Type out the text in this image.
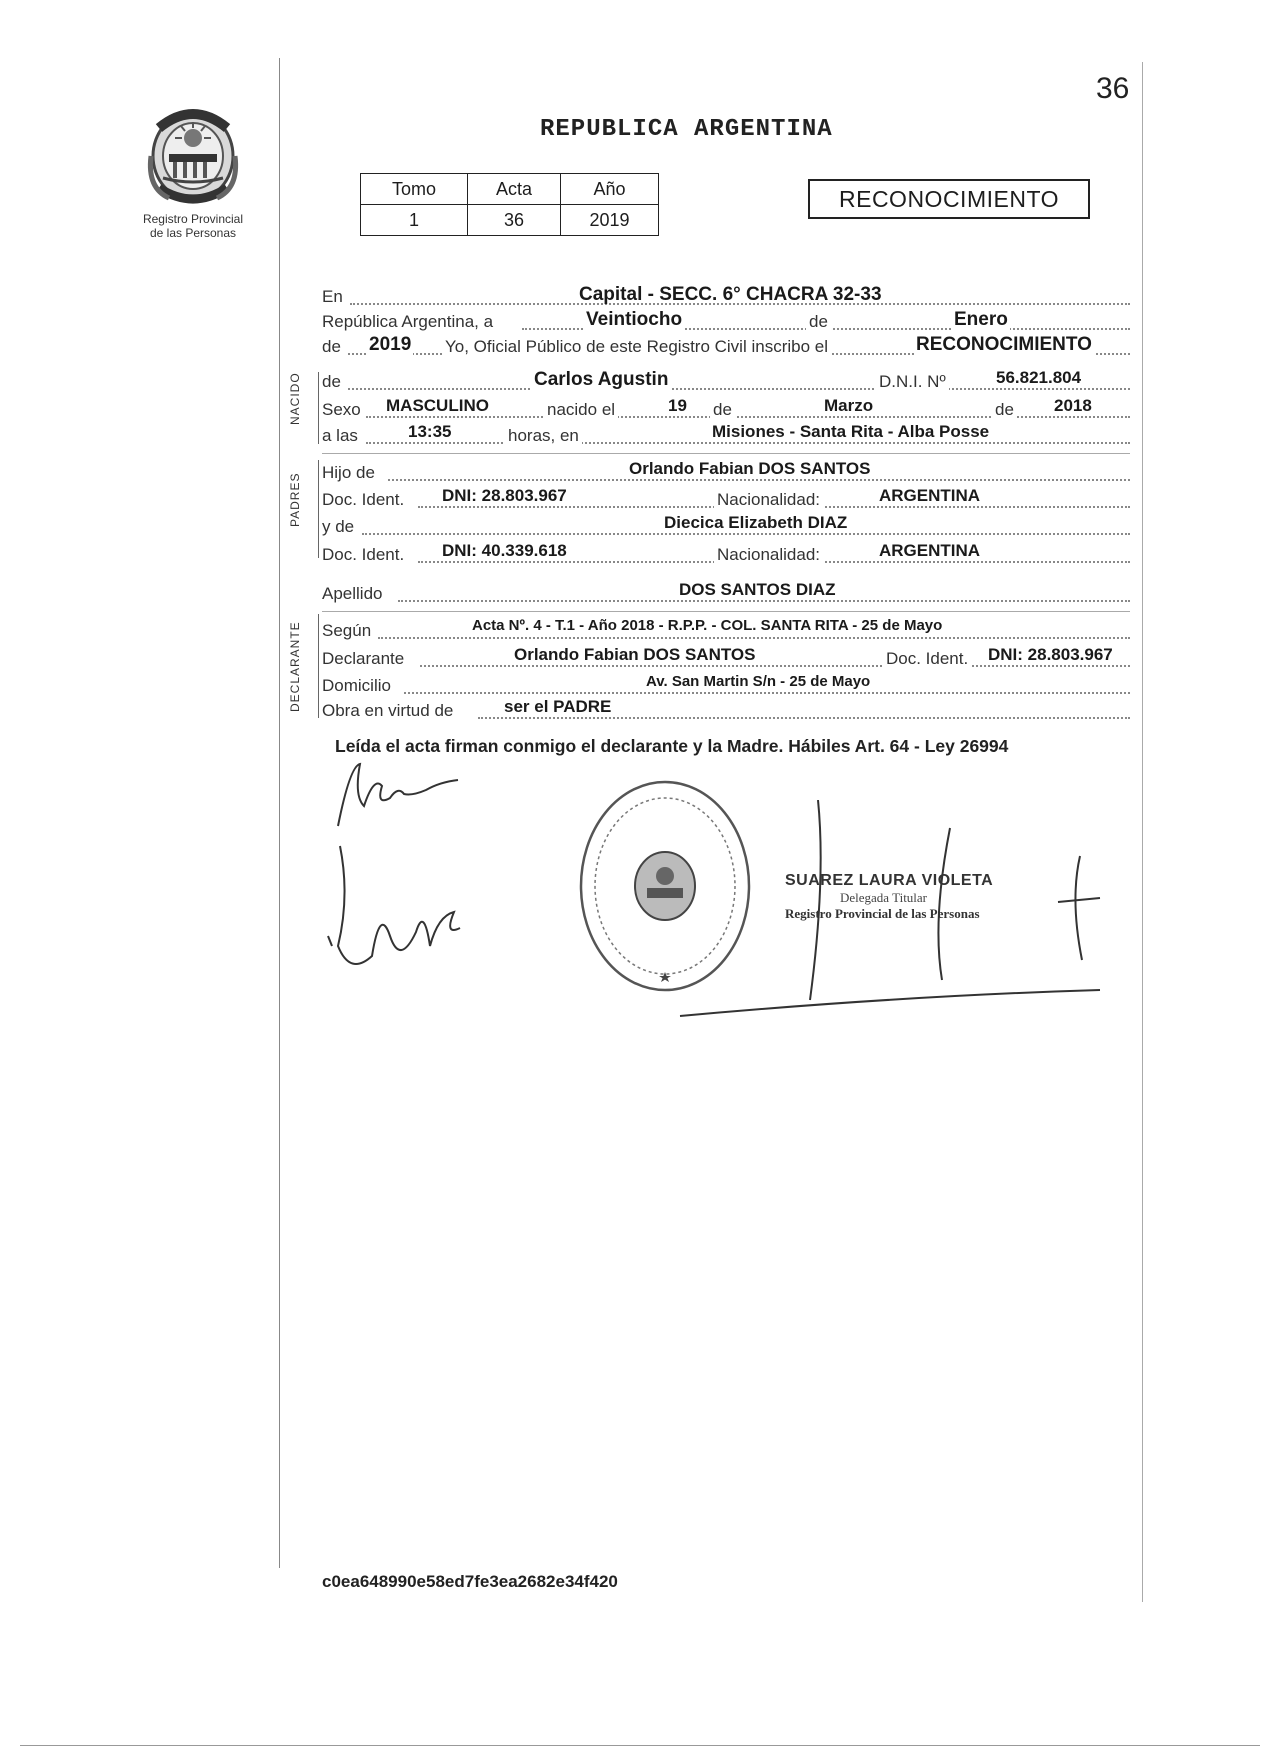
Registro Provincial
de las Personas
36
REPUBLICA ARGENTINA
Tomo	Acta	Año
1	36	2019
RECONOCIMIENTO
En	Capital - SECC. 6° CHACRA 32-33
República Argentina, a	Veintiocho	de	Enero
de 2019 Yo, Oficial Público de este Registro Civil inscribo el	RECONOCIMIENTO
NACIDO de	Carlos Agustin	D.N.I. Nº	56.821.804
Sexo MASCULINO	nacido el	19 de	Marzo	de 2018
a las	13:35	horas, en	Misiones - Santa Rita - Alba Posse
PADRES
Hijo de	Orlando Fabian DOS SANTOS
Doc. Ident. DNI: 28.803.967	Nacionalidad:	ARGENTINA
y de	Diecica Elizabeth DIAZ
Doc. Ident. DNI: 40.339.618	Nacionalidad:	ARGENTINA
Apellido	DOS SANTOS DIAZ
DECLARANTE Según	Acta Nº. 4 - T.1 - Año 2018 - R.P.P. - COL. SANTA RITA - 25 de Mayo
Declarante	Orlando Fabian DOS SANTOS	Doc. Ident. DNI: 28.803.967
Domicilio	Av. San Martin S/n - 25 de Mayo
Obra en virtud de	ser el PADRE
Leída el acta firman conmigo el declarante y la Madre. Hábiles Art. 64 - Ley 26994
SUAREZ LAURA VIOLETA
Delegada Titular
Registro Provincial de las Personas
c0ea648990e58ed7fe3ea2682e34f420
